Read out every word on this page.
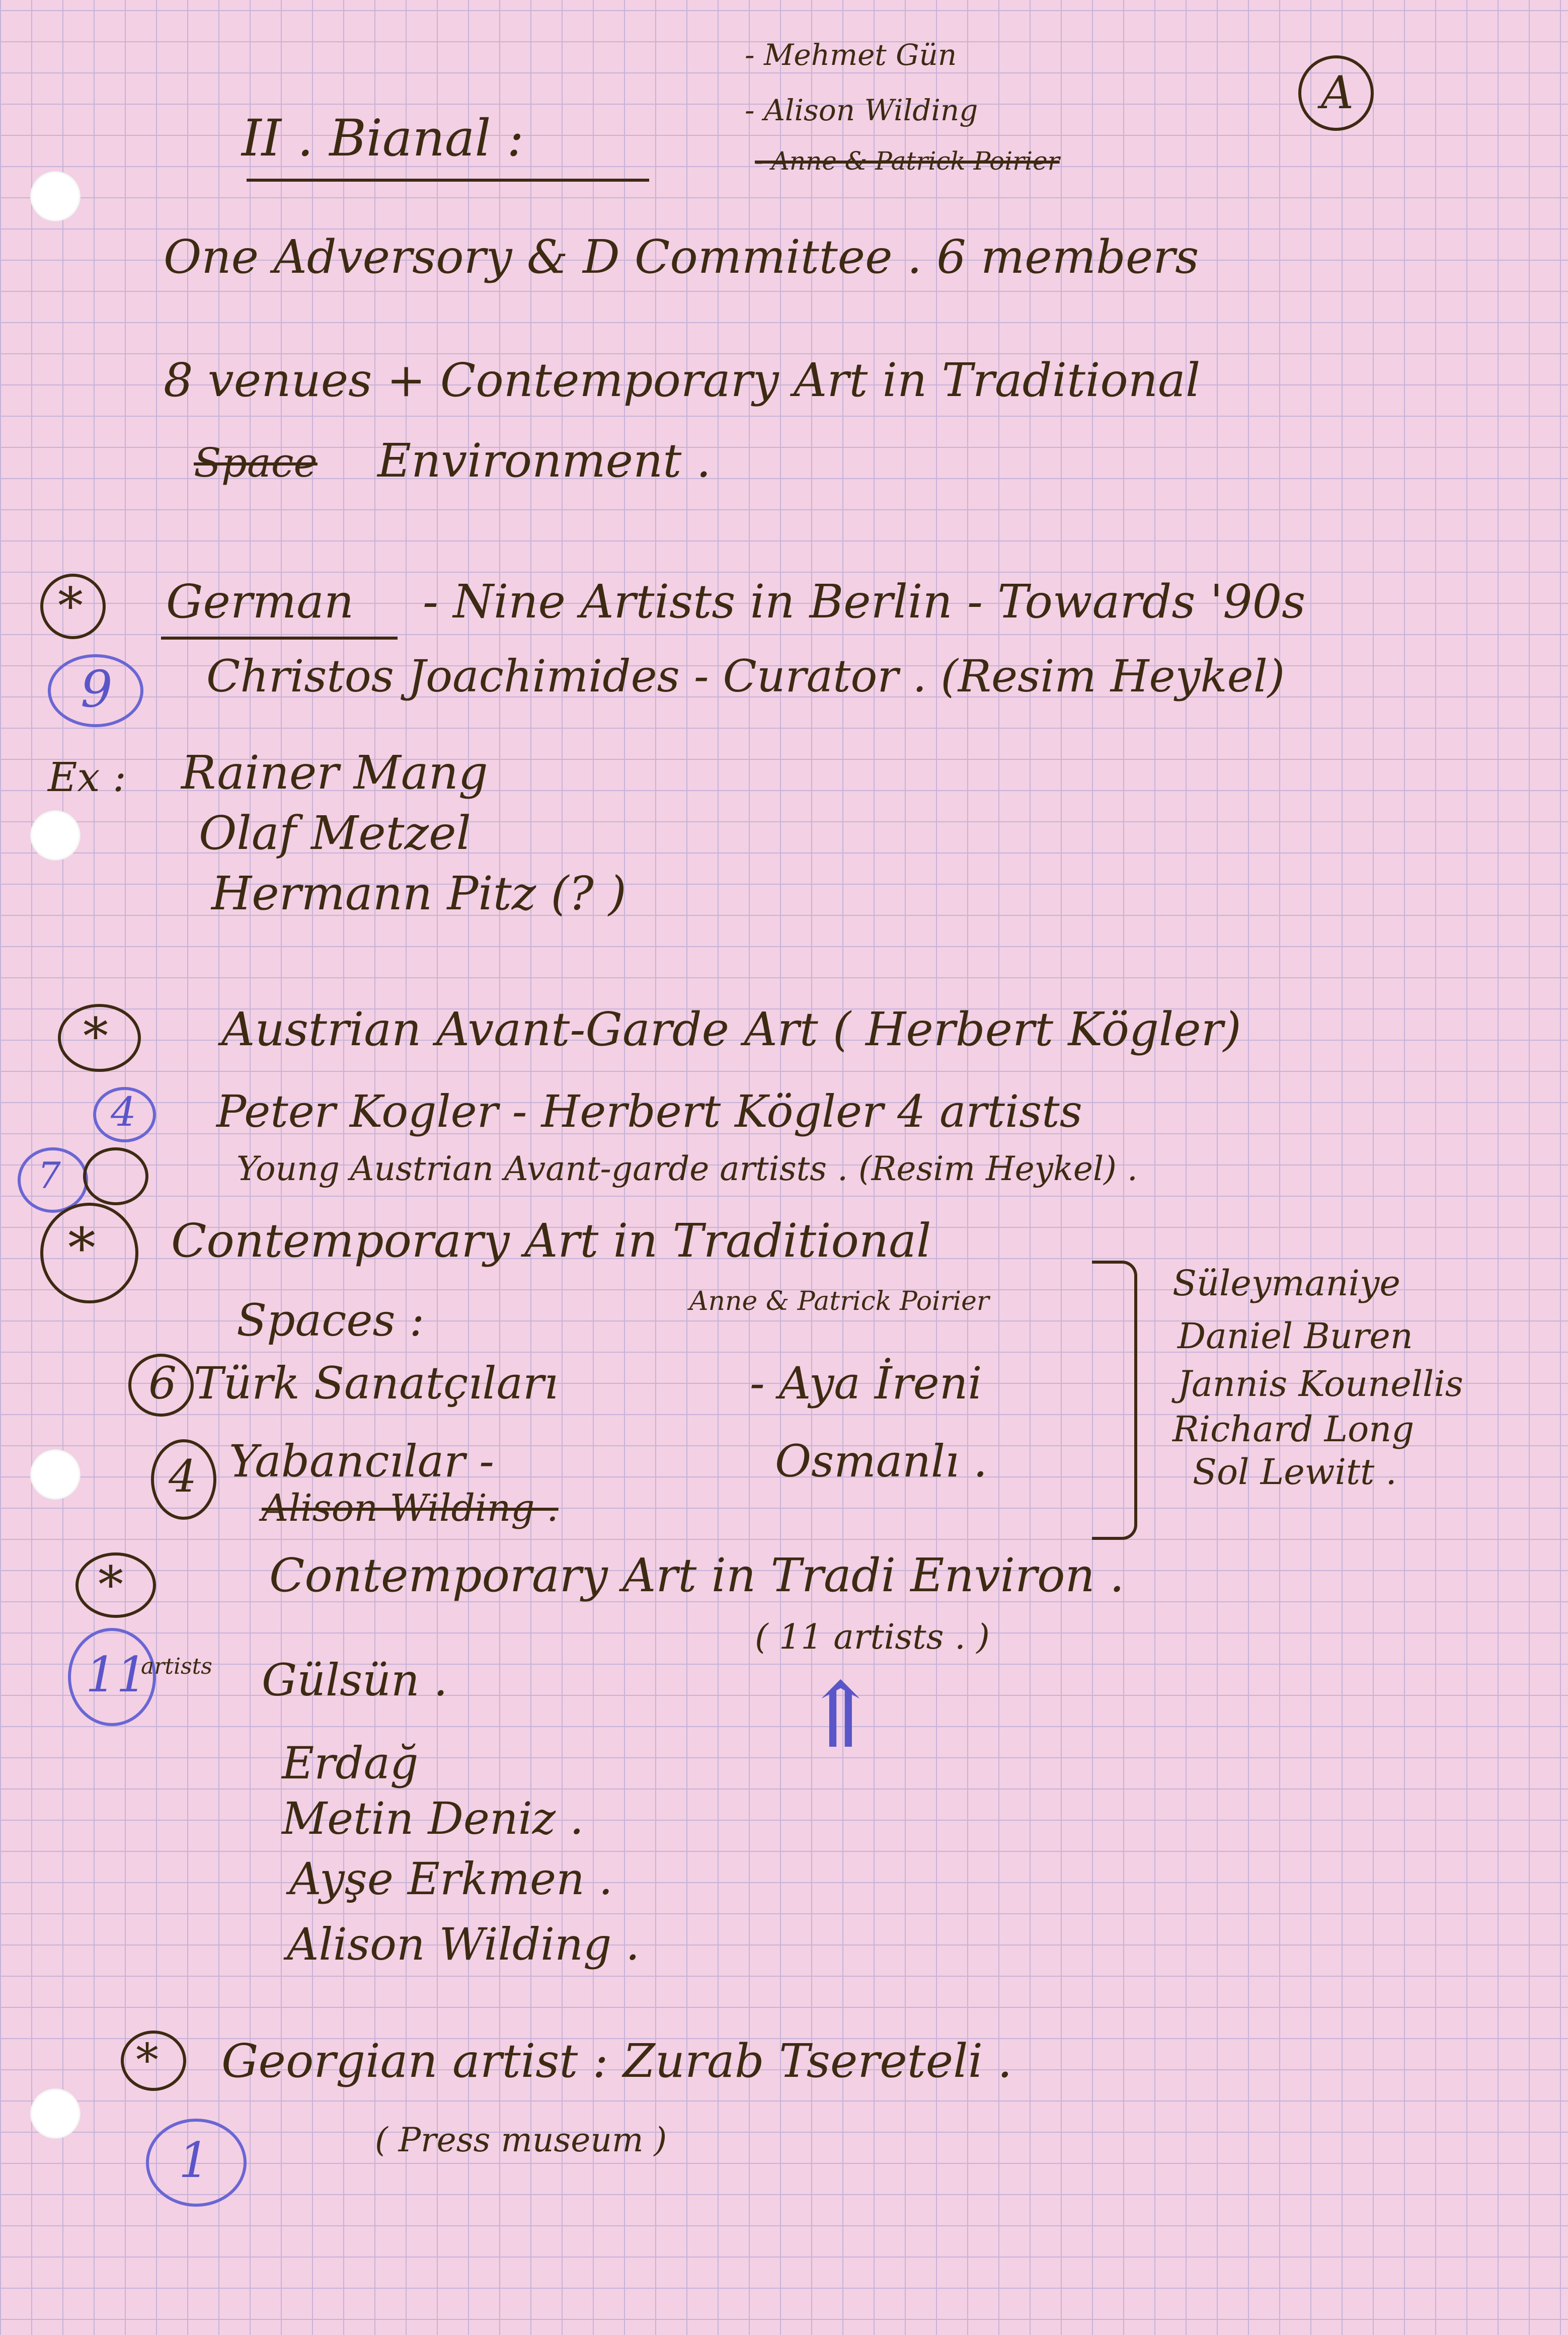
II . Bianal :
- Mehmet Gün
- Alison Wilding
- Anne & Patrick Poirier
A
One Adversory & D Committee . 6 members
8 venues + Contemporary Art in Traditional
Space Environment .
* German - Nine Artists in Berlin - Towards '90s
9 Christos Joachimides - Curator . (Resim Heykel)
Ex : Rainer Mang
Olaf Metzel
Hermann Pitz (? )
* Austrian Avant-Garde Art ( Herbert Kögler)
4 Peter Kogler - Herbert Kögler 4 artists
7	Young Austrian Avant-garde artists . (Resim Heykel) .
* Contemporary Art in Traditional
Spaces :	Anne & Patrick Poirier
6 Türk Sanatçıları	- Aya İreni
4 Yabancılar -	Osmanlı .
Alison Wilding .
Süleymaniye
Daniel Buren
Jannis Kounellis
Richard Long
Sol Lewitt .
*	Contemporary Art in Tradi Environ .
( 11 artists . )
⇑
11
artists Gülsün .
Erdağ
Metin Deniz .
Ayşe Erkmen .
Alison Wilding .
* Georgian artist : Zurab Tsereteli .
1	( Press museum )
